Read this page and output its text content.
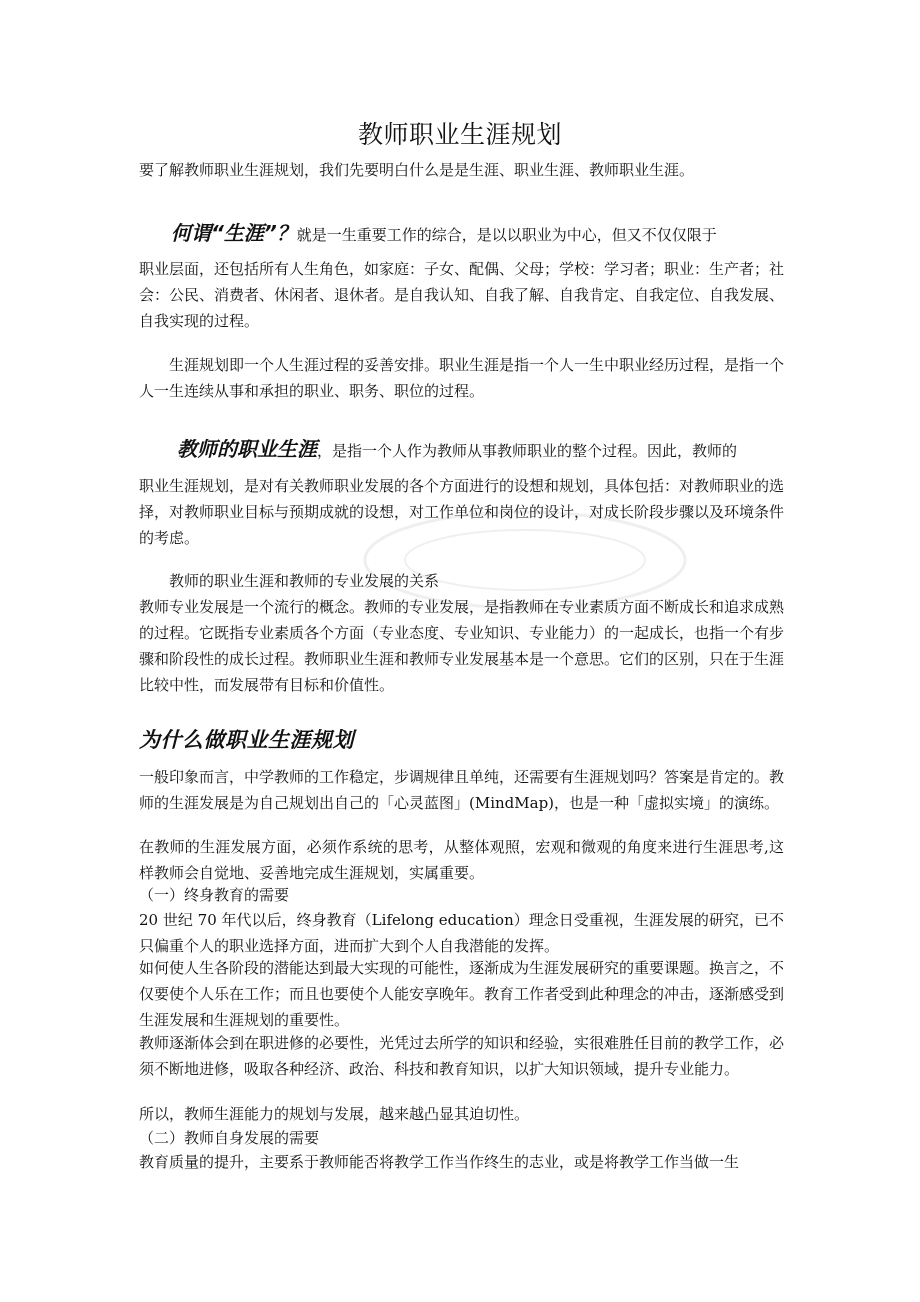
教师职业生涯规划
要了解教师职业生涯规划，我们先要明白什么是是生涯、职业生涯、教师职业生涯。
何谓“生涯”？就是一生重要工作的综合，是以以职业为中心，但又不仅仅限于
职业层面，还包括所有人生角色，如家庭：子女、配偶、父母；学校：学习者；职业：生产者；社会：公民、消费者、休闲者、退休者。是自我认知、自我了解、自我肯定、自我定位、自我发展、自我实现的过程。
生涯规划即一个人生涯过程的妥善安排。职业生涯是指一个人一生中职业经历过程，是指一个人一生连续从事和承担的职业、职务、职位的过程。
教师的职业生涯，是指一个人作为教师从事教师职业的整个过程。因此，教师的
职业生涯规划，是对有关教师职业发展的各个方面进行的设想和规划，具体包括：对教师职业的选择，对教师职业目标与预期成就的设想，对工作单位和岗位的设计，对成长阶段步骤以及环境条件的考虑。
教师的职业生涯和教师的专业发展的关系
教师专业发展是一个流行的概念。教师的专业发展，是指教师在专业素质方面不断成长和追求成熟的过程。它既指专业素质各个方面（专业态度、专业知识、专业能力）的一起成长，也指一个有步骤和阶段性的成长过程。教师职业生涯和教师专业发展基本是一个意思。它们的区别，只在于生涯比较中性，而发展带有目标和价值性。
为什么做职业生涯规划
一般印象而言，中学教师的工作稳定，步调规律且单纯，还需要有生涯规划吗？答案是肯定的。教师的生涯发展是为自己规划出自己的「心灵蓝图」(MindMap)，也是一种「虚拟实境」的演练。
在教师的生涯发展方面，必须作系统的思考，从整体观照，宏观和微观的角度来进行生涯思考,这样教师会自觉地、妥善地完成生涯规划，实属重要。
（一）终身教育的需要
20 世纪 70 年代以后，终身教育（Lifelong education）理念日受重视，生涯发展的研究，已不只偏重个人的职业选择方面，进而扩大到个人自我潜能的发挥。
如何使人生各阶段的潜能达到最大实现的可能性，逐渐成为生涯发展研究的重要课题。换言之，不仅要使个人乐在工作；而且也要使个人能安享晚年。教育工作者受到此种理念的冲击，逐渐感受到生涯发展和生涯规划的重要性。
教师逐渐体会到在职进修的必要性，光凭过去所学的知识和经验，实很难胜任目前的教学工作，必须不断地进修，吸取各种经济、政治、科技和教育知识，以扩大知识领域，提升专业能力。
所以，教师生涯能力的规划与发展，越来越凸显其迫切性。
（二）教师自身发展的需要
教育质量的提升，主要系于教师能否将教学工作当作终生的志业，或是将教学工作当做一生
